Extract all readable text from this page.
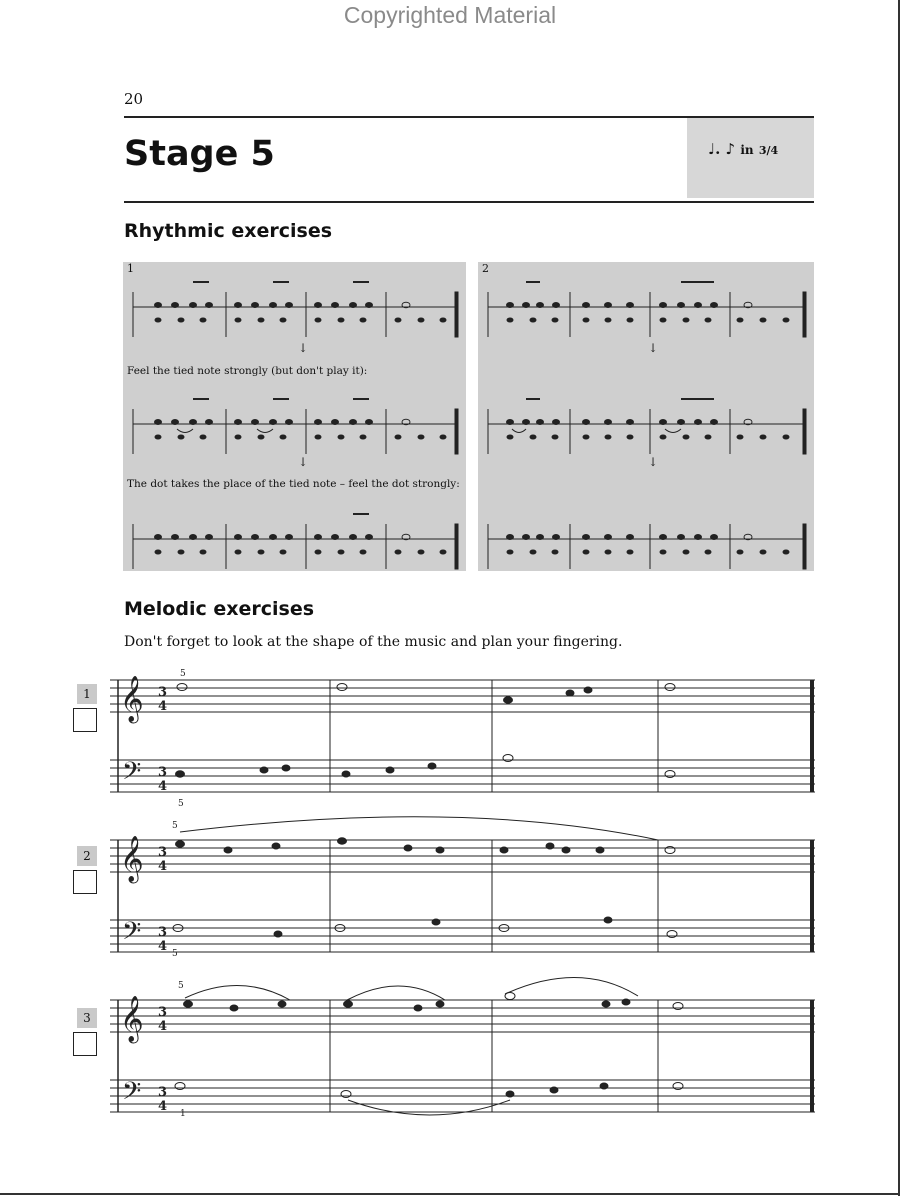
Copyrighted Material
20
Stage 5	♩. ♪ in 3/4
Rhythmic exercises
↓
↓
1
Feel the tied note strongly (but don't play it):
The dot takes the place of the tied note – feel the dot strongly:
↓
↓
2
Melodic exercises
Don't forget to look at the shape of the music and plan your fingering.
5
5
5
5
5
1
1
2
3
